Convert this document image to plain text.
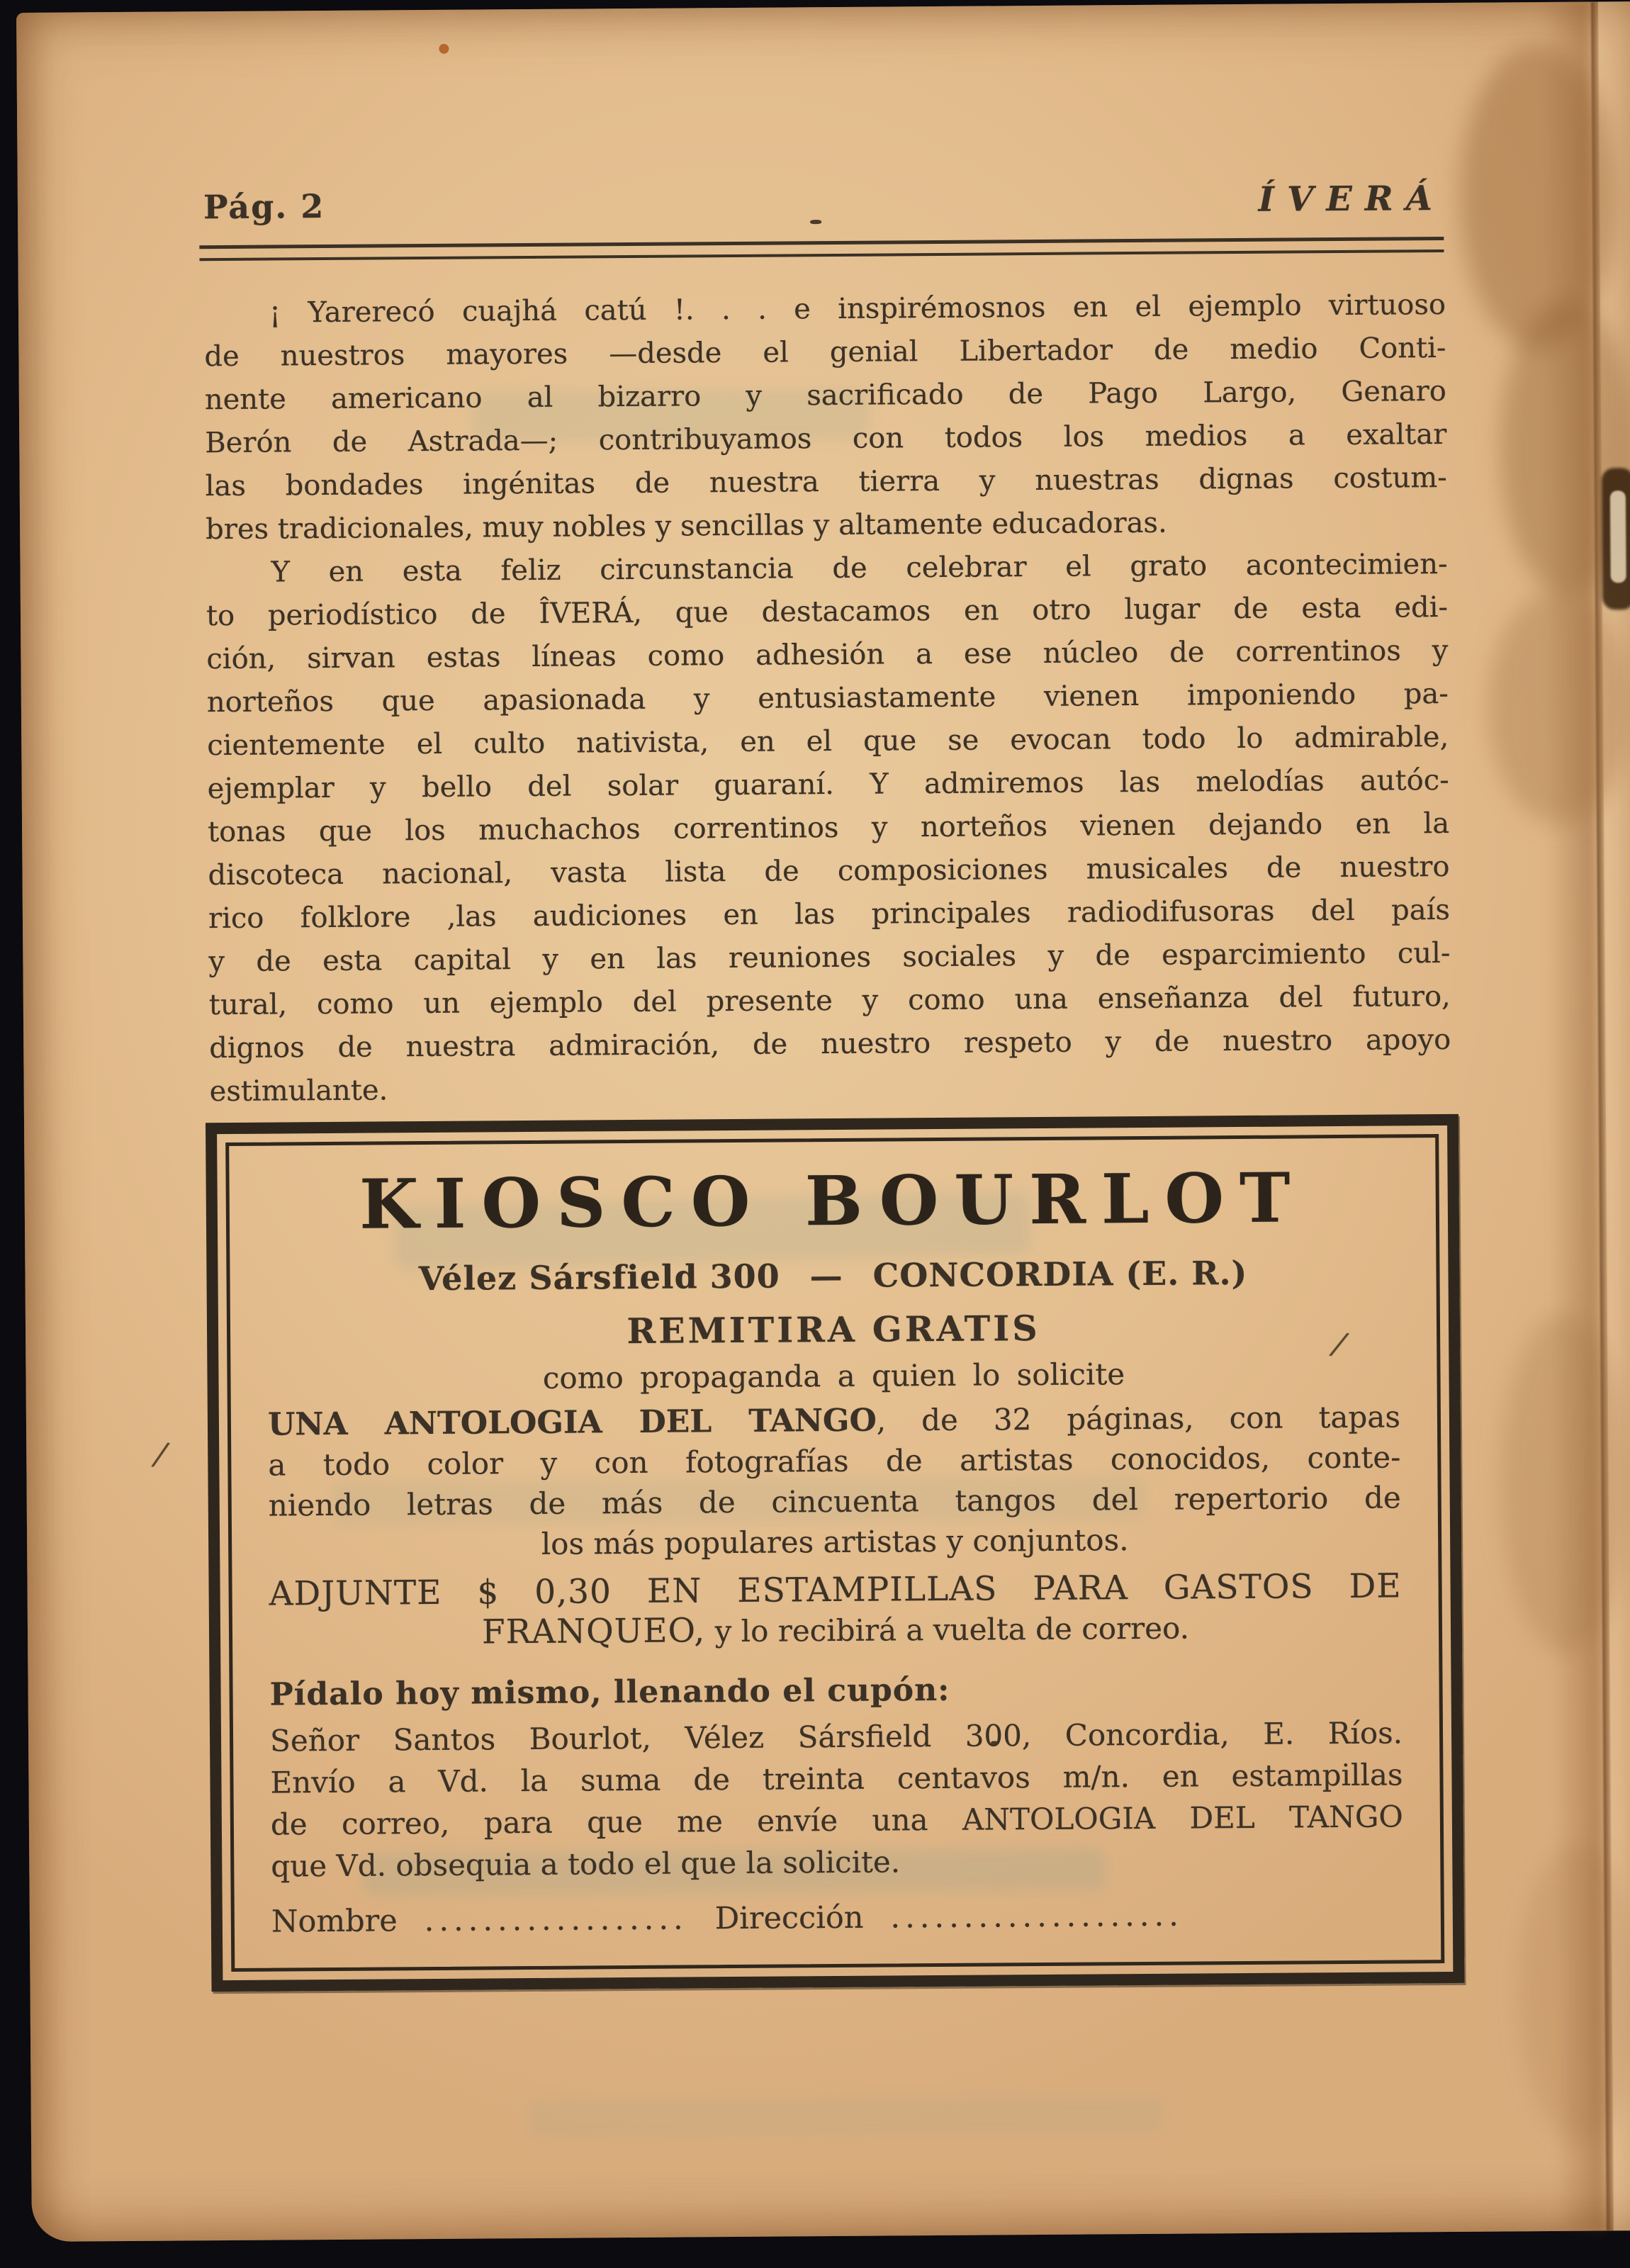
/
/
Pág. 2	ÍVERÁ
¡ Yarerecó cuajhá catú !. . . e inspirémosnos en el ejemplo virtuoso
de nuestros mayores —desde el genial Libertador de medio Conti-
nente americano al bizarro y sacrificado de Pago Largo, Genaro
Berón de Astrada—; contribuyamos con todos los medios a exaltar
las bondades ingénitas de nuestra tierra y nuestras dignas costum-
bres tradicionales, muy nobles y sencillas y altamente educadoras.
Y en esta feliz circunstancia de celebrar el grato acontecimien-
to periodístico de ÎVERÁ, que destacamos en otro lugar de esta edi-
ción, sirvan estas líneas como adhesión a ese núcleo de correntinos y
norteños que apasionada y entusiastamente vienen imponiendo pa-
cientemente el culto nativista, en el que se evocan todo lo admirable,
ejemplar y bello del solar guaraní. Y admiremos las melodías autóc-
tonas que los muchachos correntinos y norteños vienen dejando en la
discoteca nacional, vasta lista de composiciones musicales de nuestro
rico folklore ,las audiciones en las principales radiodifusoras del país
y de esta capital y en las reuniones sociales y de esparcimiento cul-
tural, como un ejemplo del presente y como una enseñanza del futuro,
dignos de nuestra admiración, de nuestro respeto y de nuestro apoyo
estimulante.
KIOSCO BOURLOT
Vélez Sársfield 300 — CONCORDIA (E. R.)
REMITIRA GRATIS
como propaganda a quien lo solicite
UNA ANTOLOGIA DEL TANGO, de 32 páginas, con tapas
a todo color y con fotografías de artistas conocidos, conte-
niendo letras de más de cincuenta tangos del repertorio de
los más populares artistas y conjuntos.
ADJUNTE $ 0,30 EN ESTAMPILLAS PARA GASTOS DE
FRANQUEO, y lo recibirá a vuelta de correo.
Pídalo hoy mismo, llenando el cupón:
Señor Santos Bourlot, Vélez Sársfield 300, Concordia, E. Ríos.
Envío a Vd. la suma de treinta centavos m/n. en estampillas
de correo, para que me envíe una ANTOLOGIA DEL TANGO
que Vd. obsequia a todo el que la solicite.
Nombre .................. Dirección ....................
